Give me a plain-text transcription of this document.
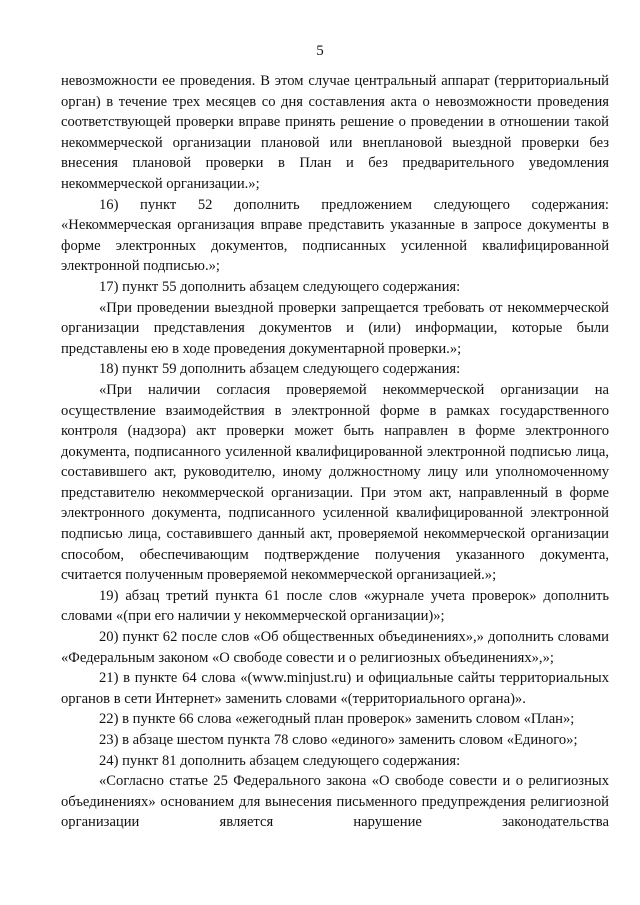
5

невозможности ее проведения. В этом случае центральный аппарат (территориальный орган) в течение трех месяцев со дня составления акта о невозможности проведения соответствующей проверки вправе принять решение о проведении в отношении такой некоммерческой организации плановой или внеплановой выездной проверки без внесения плановой проверки в План и без предварительного уведомления некоммерческой организации.»;

16) пункт 52 дополнить предложением следующего содержания: «Некоммерческая организация вправе представить указанные в запросе документы в форме электронных документов, подписанных усиленной квалифицированной электронной подписью.»;

17) пункт 55 дополнить абзацем следующего содержания:

«При проведении выездной проверки запрещается требовать от некоммерческой организации представления документов и (или) информации, которые были представлены ею в ходе проведения документарной проверки.»;

18) пункт 59 дополнить абзацем следующего содержания:

«При наличии согласия проверяемой некоммерческой организации на осуществление взаимодействия в электронной форме в рамках государственного контроля (надзора) акт проверки может быть направлен в форме электронного документа, подписанного усиленной квалифицированной электронной подписью лица, составившего акт, руководителю, иному должностному лицу или уполномоченному представителю некоммерческой организации. При этом акт, направленный в форме электронного документа, подписанного усиленной квалифицированной электронной подписью лица, составившего данный акт, проверяемой некоммерческой организации способом, обеспечивающим подтверждение получения указанного документа, считается полученным проверяемой некоммерческой организацией.»;

19) абзац третий пункта 61 после слов «журнале учета проверок» дополнить словами «(при его наличии у некоммерческой организации)»;

20) пункт 62 после слов «Об общественных объединениях»,» дополнить словами «Федеральным законом «О свободе совести и о религиозных объединениях»,»;

21) в пункте 64 слова «(www.minjust.ru) и официальные сайты территориальных органов в сети Интернет» заменить словами «(территориального органа)».

22) в пункте 66 слова «ежегодный план проверок» заменить словом «План»;

23) в абзаце шестом пункта 78 слово «единого» заменить словом «Единого»;

24) пункт 81 дополнить абзацем следующего содержания:

«Согласно статье 25 Федерального закона «О свободе совести и о религиозных объединениях» основанием для вынесения письменного предупреждения религиозной организации является нарушение законодательства
